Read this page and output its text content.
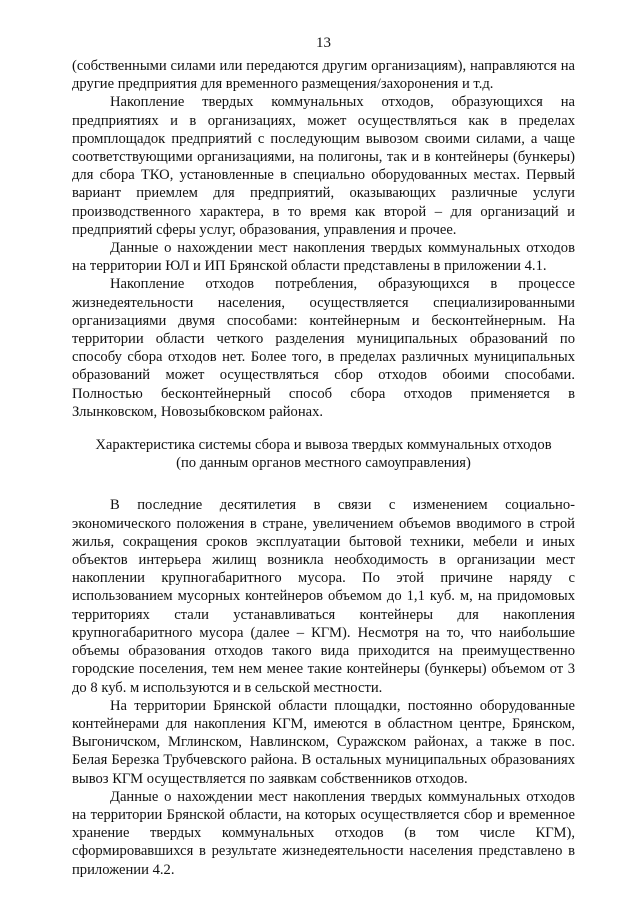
13

(собственными силами или передаются другим организациям), направляются на другие предприятия для временного размещения/захоронения и т.д.

Накопление твердых коммунальных отходов, образующихся на предприятиях и в организациях, может осуществляться как в пределах промплощадок предприятий с последующим вывозом своими силами, а чаще соответствующими организациями, на полигоны, так и в контейнеры (бункеры) для сбора ТКО, установленные в специально оборудованных местах. Первый вариант приемлем для предприятий, оказывающих различные услуги производственного характера, в то время как второй – для организаций и предприятий сферы услуг, образования, управления и прочее.

Данные о нахождении мест накопления твердых коммунальных отходов на территории ЮЛ и ИП Брянской области представлены в приложении 4.1.

Накопление отходов потребления, образующихся в процессе жизнедеятельности населения, осуществляется специализированными организациями двумя способами: контейнерным и бесконтейнерным. На территории области четкого разделения муниципальных образований по способу сбора отходов нет. Более того, в пределах различных муниципальных образований может осуществляться сбор отходов обоими способами. Полностью бесконтейнерный способ сбора отходов применяется в Злынковском, Новозыбковском районах.

Характеристика системы сбора и вывоза твердых коммунальных отходов
(по данным органов местного самоуправления)

В последние десятилетия в связи с изменением социально-экономического положения в стране, увеличением объемов вводимого в строй жилья, сокращения сроков эксплуатации бытовой техники, мебели и иных объектов интерьера жилищ возникла необходимость в организации мест накоплении крупногабаритного мусора. По этой причине наряду с использованием мусорных контейнеров объемом до 1,1 куб. м, на придомовых территориях стали устанавливаться контейнеры для накопления крупногабаритного мусора (далее – КГМ). Несмотря на то, что наибольшие объемы образования отходов такого вида приходится на преимущественно городские поселения, тем нем менее такие контейнеры (бункеры) объемом от 3 до 8 куб. м используются и в сельской местности.

На территории Брянской области площадки, постоянно оборудованные контейнерами для накопления КГМ, имеются в областном центре, Брянском, Выгоничском, Мглинском, Навлинском, Суражском районах, а также в пос. Белая Березка Трубчевского района. В остальных муниципальных образованиях вывоз КГМ осуществляется по заявкам собственников отходов.

Данные о нахождении мест накопления твердых коммунальных отходов на территории Брянской области, на которых осуществляется сбор и временное хранение твердых коммунальных отходов (в том числе КГМ), сформировавшихся в результате жизнедеятельности населения представлено в приложении 4.2.
